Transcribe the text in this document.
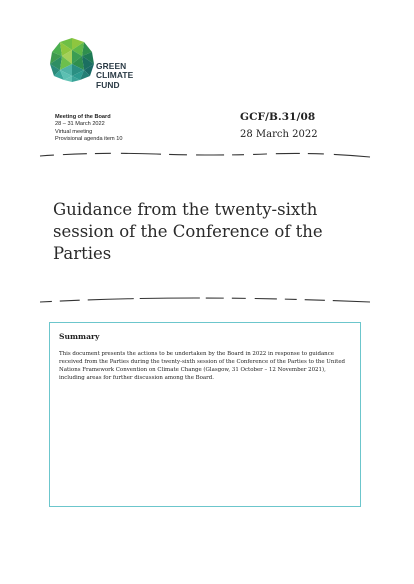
GREEN
CLIMATE
FUND
Meeting of the Board
28 – 31 March 2022
Virtual meeting
Provisional agenda item 10
GCF/B.31/08
28 March 2022
Guidance from the twenty-sixth session of the Conference of the Parties
Summary
This document presents the actions to be undertaken by the Board in 2022 in response to guidance received from the Parties during the twenty-sixth session of the Conference of the Parties to the United Nations Framework Convention on Climate Change (Glasgow, 31 October – 12 November 2021), including areas for further discussion among the Board.
